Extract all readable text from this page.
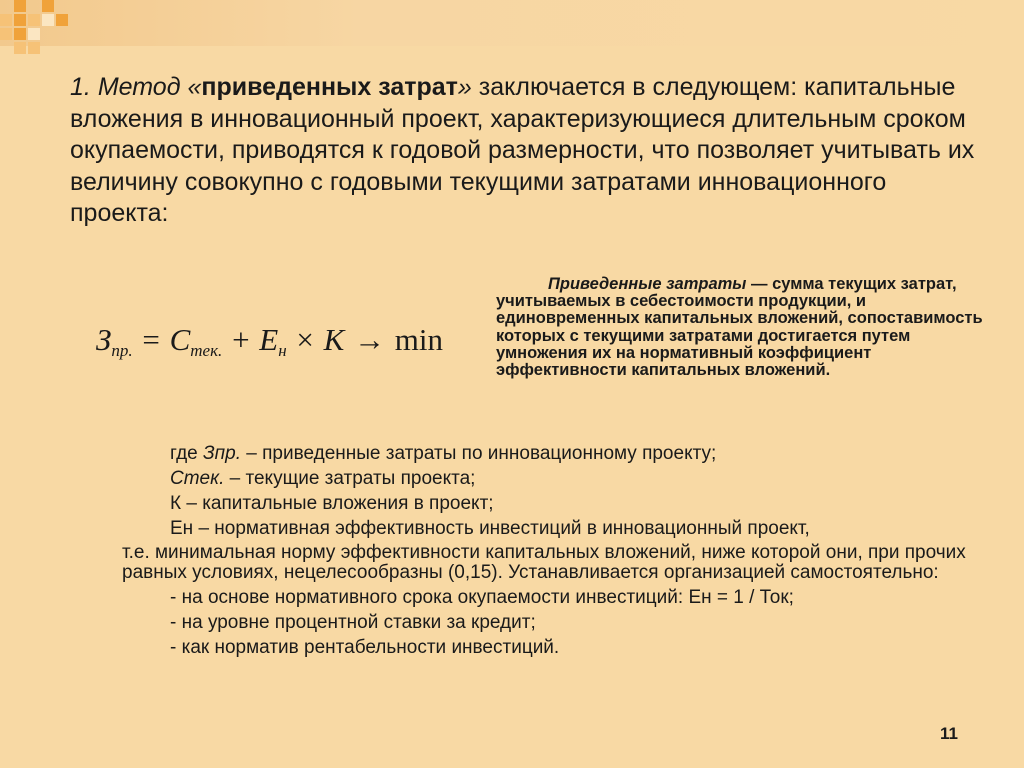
1. Метод «приведенных затрат» заключается в следующем: капитальные вложения в инновационный проект, характеризующиеся длительным сроком окупаемости, приводятся к годовой размерности, что позволяет учитывать их величину совокупно с годовыми текущими затратами инновационного проекта:
$З_{пр.} = С_{тек.} + Е_н \times К \to \min$
Приведенные затраты — сумма текущих затрат, учитываемых в себестоимости продукции, и единовременных капитальных вложений, сопоставимость которых с текущими затратами достигается путем умножения их на нормативный коэффициент эффективности капитальных вложений.
где Зпр. – приведенные затраты по инновационному проекту;
Стек. – текущие затраты проекта;
К – капитальные вложения в проект;
Ен – нормативная эффективность инвестиций в инновационный проект,
т.е. минимальная норму эффективности капитальных вложений, ниже которой они, при прочих равных условиях, нецелесообразны (0,15). Устанавливается организацией самостоятельно:
- на основе нормативного срока окупаемости инвестиций: Ен = 1 / Ток;
- на уровне процентной ставки за кредит;
- как норматив рентабельности инвестиций.
11
